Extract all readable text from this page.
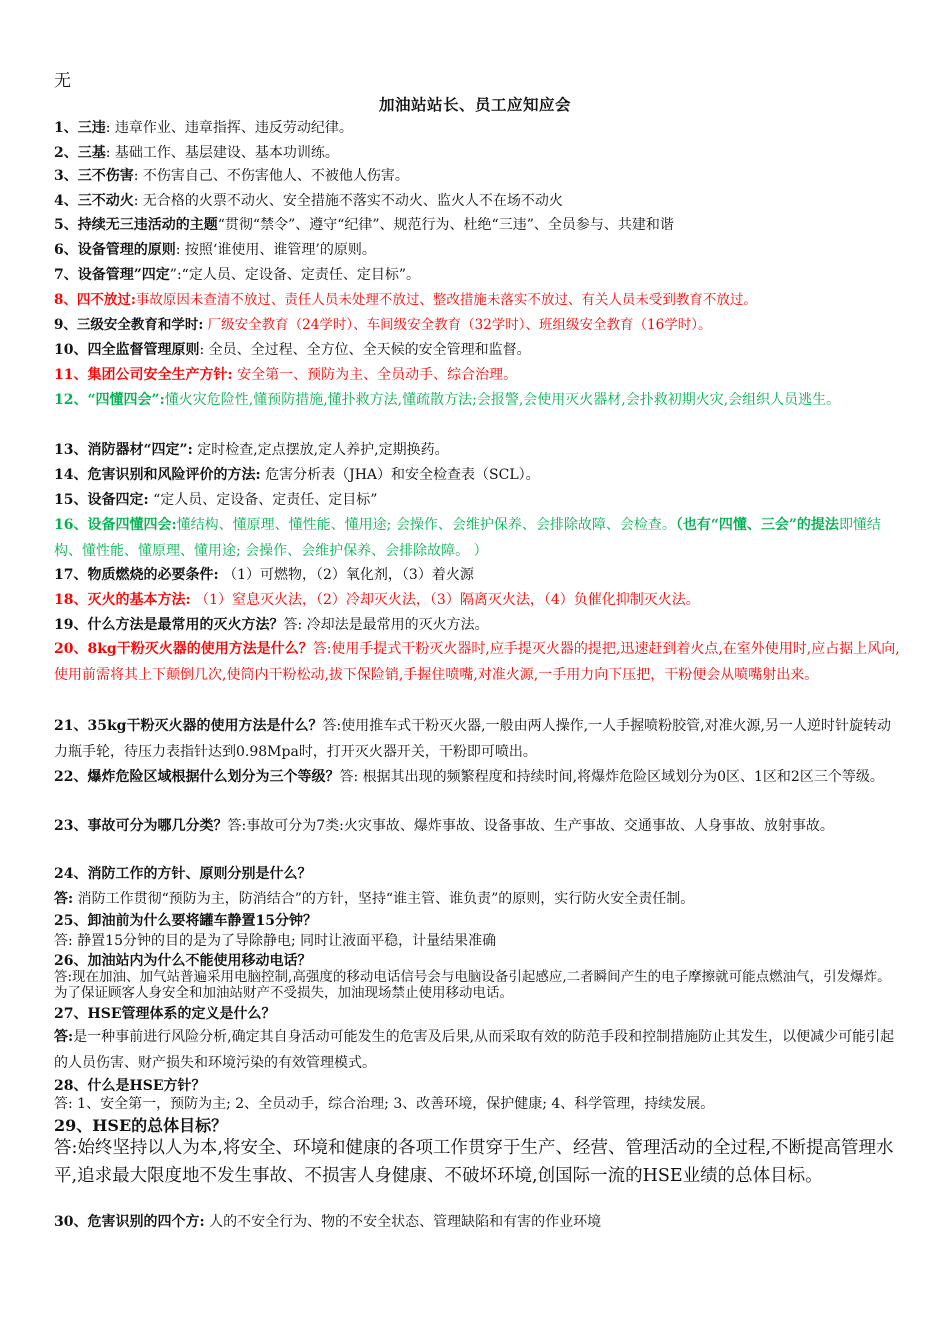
无
加油站站长、员工应知应会
1、三违: 违章作业、违章指挥、违反劳动纪律。
2、三基: 基础工作、基层建设、基本功训练。
3、三不伤害: 不伤害自己、不伤害他人、不被他人伤害。
4、三不动火: 无合格的火票不动火、安全措施不落实不动火、监火人不在场不动火
5、持续无三违活动的主题“贯彻“禁令”、遵守“纪律”、规范行为、杜绝“三违”、全员参与、共建和谐
6、设备管理的原则: 按照‘谁使用、谁管理’的原则。
7、设备管理”四定”:“定人员、定设备、定责任、定目标”。
8、四不放过:事故原因未查清不放过、责任人员未处理不放过、整改措施未落实不放过、有关人员未受到教育不放过。
9、三级安全教育和学时: 厂级安全教育（24学时）、车间级安全教育（32学时）、班组级安全教育（16学时）。
10、四全监督管理原则: 全员、全过程、全方位、全天候的安全管理和监督。
11、集团公司安全生产方针: 安全第一、预防为主、全员动手、综合治理。
12、“四懂四会”:懂火灾危险性,懂预防措施,懂扑救方法,懂疏散方法;会报警,会使用灭火器材,会扑救初期火灾,会组织人员逃生。
13、消防器材“四定”: 定时检查,定点摆放,定人养护,定期换药。
14、危害识别和风险评价的方法: 危害分析表（JHA）和安全检查表（SCL）。
15、设备四定: “定人员、定设备、定责任、定目标”
16、设备四懂四会:懂结构、懂原理、懂性能、懂用途; 会操作、会维护保养、会排除故障、会检查。（也有“四懂、三会”的提法即懂结构、懂性能、懂原理、懂用途; 会操作、会维护保养、会排除故障。 ）
17、物质燃烧的必要条件: （1）可燃物，（2）氧化剂，（3）着火源
18、灭火的基本方法: （1）窒息灭火法，（2）冷却灭火法，（3）隔离灭火法，（4）负催化抑制灭火法。
19、什么方法是最常用的灭火方法？答: 冷却法是最常用的灭火方法。
20、8kg干粉灭火器的使用方法是什么？答:使用手提式干粉灭火器时,应手提灭火器的提把,迅速赶到着火点,在室外使用时,应占据上风向,使用前需将其上下颠倒几次,使筒内干粉松动,拔下保险销,手握住喷嘴,对准火源,一手用力向下压把，干粉便会从喷嘴射出来。
21、35kg干粉灭火器的使用方法是什么？答:使用推车式干粉灭火器,一般由两人操作,一人手握喷粉胶管,对准火源,另一人逆时针旋转动力瓶手轮，待压力表指针达到0.98Mpa时，打开灭火器开关，干粉即可喷出。
22、爆炸危险区域根据什么划分为三个等级？答: 根据其出现的频繁程度和持续时间,将爆炸危险区域划分为0区、1区和2区三个等级。
23、事故可分为哪几分类？答:事故可分为7类:火灾事故、爆炸事故、设备事故、生产事故、交通事故、人身事故、放射事故。
24、消防工作的方针、原则分别是什么？
答: 消防工作贯彻“预防为主，防消结合”的方针，坚持“谁主管、谁负责”的原则，实行防火安全责任制。
25、卸油前为什么要将罐车静置15分钟？
答: 静置15分钟的目的是为了导除静电; 同时让液面平稳，计量结果准确
26、加油站内为什么不能使用移动电话？
答:现在加油、加气站普遍采用电脑控制,高强度的移动电话信号会与电脑设备引起感应,二者瞬间产生的电子摩擦就可能点燃油气，引发爆炸。为了保证顾客人身安全和加油站财产不受损失，加油现场禁止使用移动电话。
27、HSE管理体系的定义是什么？
答:是一种事前进行风险分析,确定其自身活动可能发生的危害及后果,从而采取有效的防范手段和控制措施防止其发生，以便减少可能引起的人员伤害、财产损失和环境污染的有效管理模式。
28、什么是HSE方针？
答: 1、安全第一，预防为主; 2、全员动手，综合治理; 3、改善环境，保护健康; 4、科学管理，持续发展。
29、HSE的总体目标？
答:始终坚持以人为本,将安全、环境和健康的各项工作贯穿于生产、经营、管理活动的全过程,不断提高管理水平,追求最大限度地不发生事故、不损害人身健康、不破坏环境,创国际一流的HSE业绩的总体目标。
30、危害识别的四个方: 人的不安全行为、物的不安全状态、管理缺陷和有害的作业环境
